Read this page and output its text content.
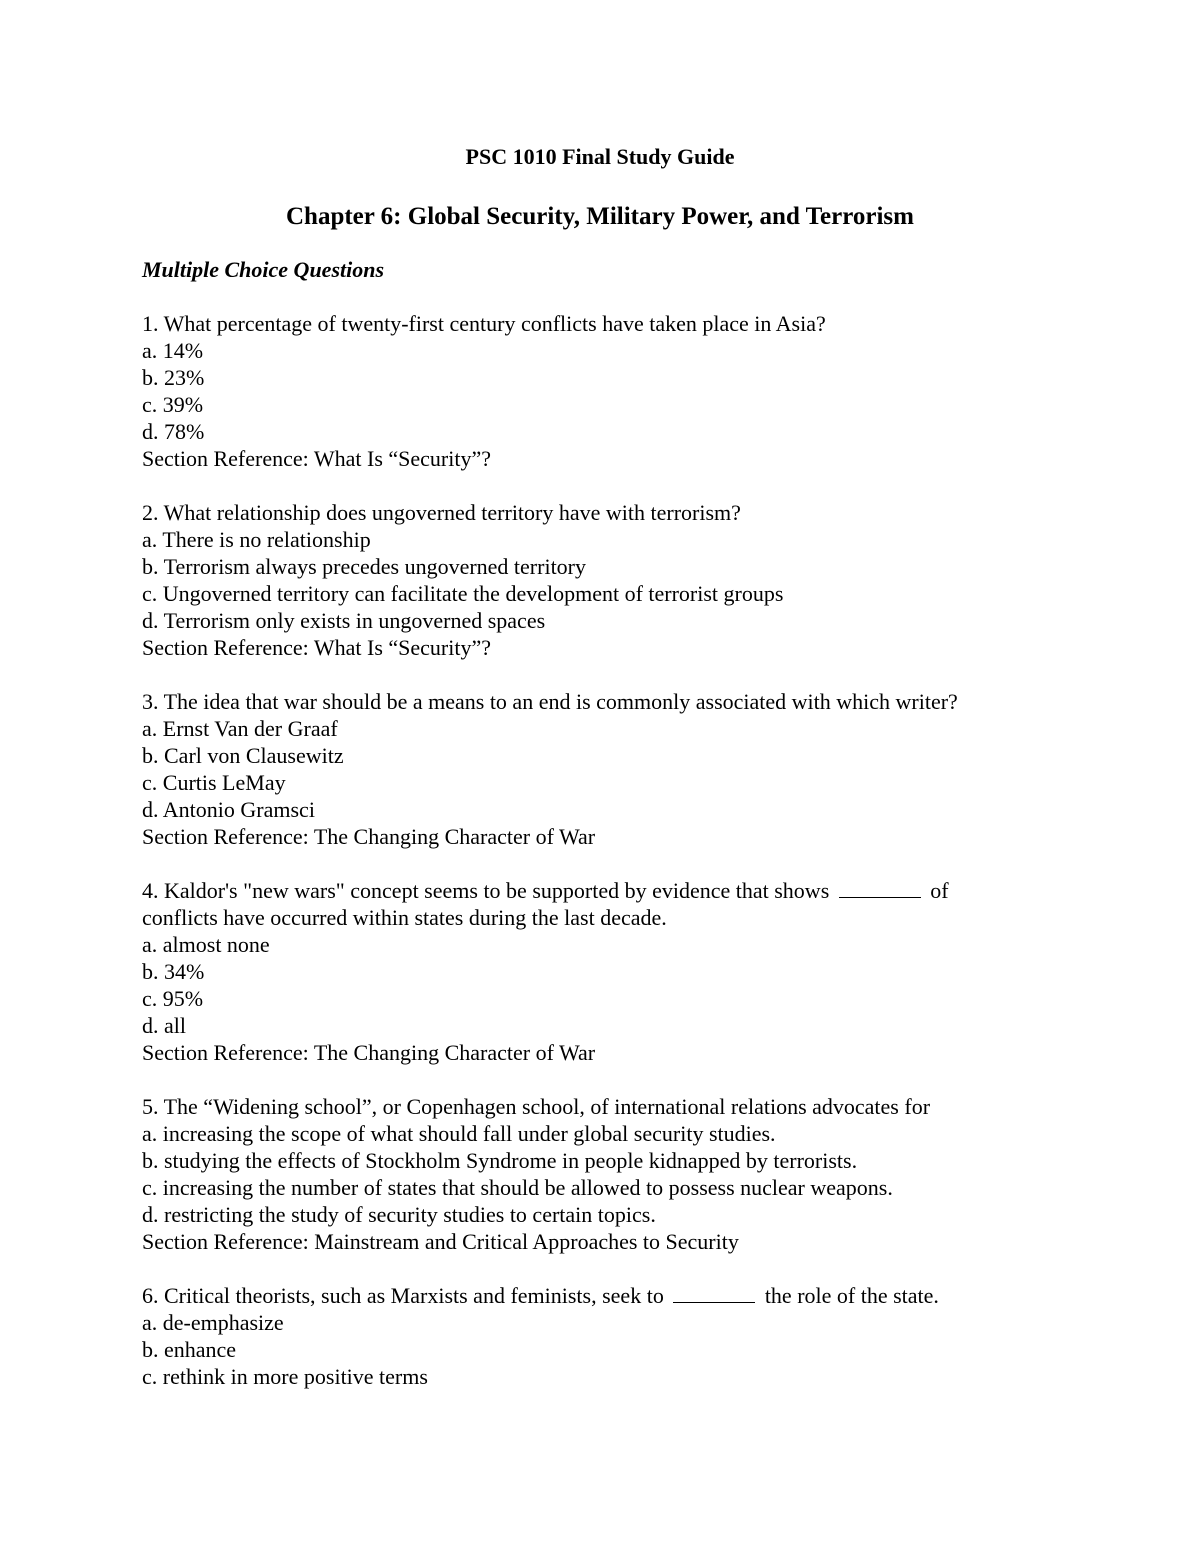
PSC 1010 Final Study Guide
Chapter 6: Global Security, Military Power, and Terrorism
Multiple Choice Questions
1. What percentage of twenty-first century conflicts have taken place in Asia?
a. 14%
b. 23%
c. 39%
d. 78%
Section Reference: What Is “Security”?
2. What relationship does ungoverned territory have with terrorism?
a. There is no relationship
b. Terrorism always precedes ungoverned territory
c. Ungoverned territory can facilitate the development of terrorist groups
d. Terrorism only exists in ungoverned spaces
Section Reference: What Is “Security”?
3. The idea that war should be a means to an end is commonly associated with which writer?
a. Ernst Van der Graaf
b. Carl von Clausewitz
c. Curtis LeMay
d. Antonio Gramsci
Section Reference: The Changing Character of War
4. Kaldor's "new wars" concept seems to be supported by evidence that shows	of
conflicts have occurred within states during the last decade.
a. almost none
b. 34%
c. 95%
d. all
Section Reference: The Changing Character of War
5. The “Widening school”, or Copenhagen school, of international relations advocates for
a. increasing the scope of what should fall under global security studies.
b. studying the effects of Stockholm Syndrome in people kidnapped by terrorists.
c. increasing the number of states that should be allowed to possess nuclear weapons.
d. restricting the study of security studies to certain topics.
Section Reference: Mainstream and Critical Approaches to Security
6. Critical theorists, such as Marxists and feminists, seek to	the role of the state.
a. de-emphasize
b. enhance
c. rethink in more positive terms
